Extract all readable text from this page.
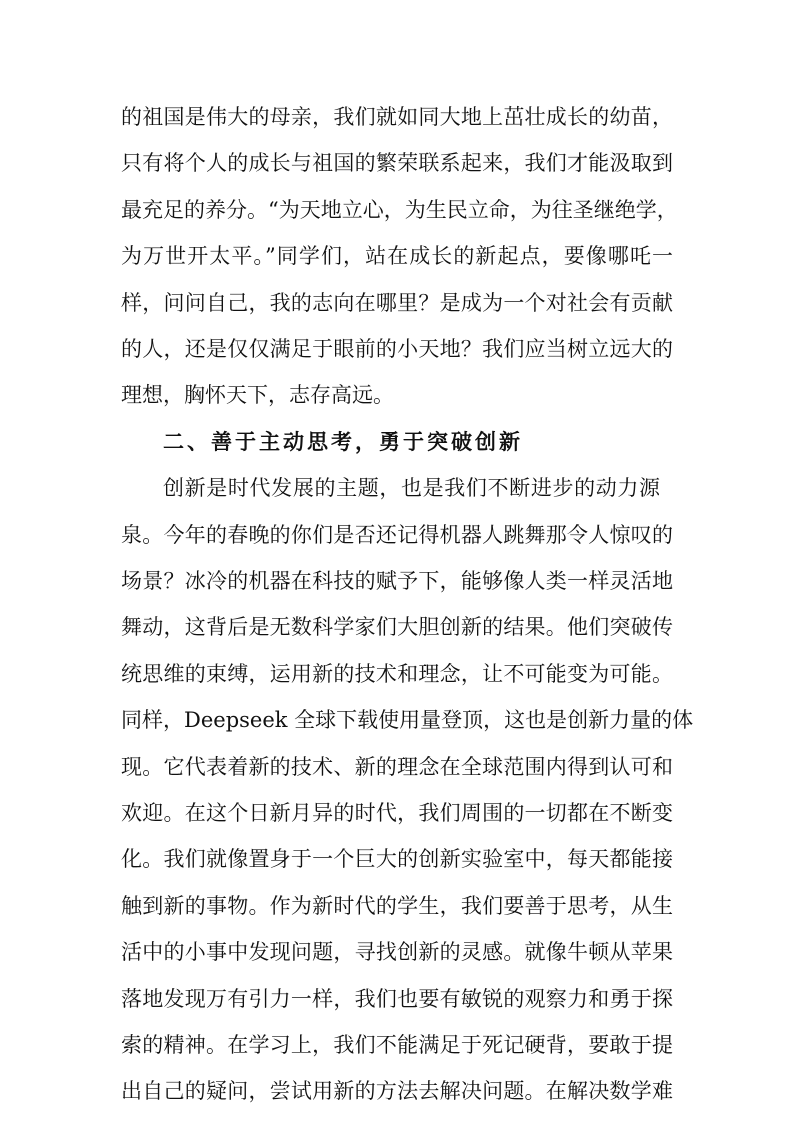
的祖国是伟大的母亲，我们就如同大地上茁壮成长的幼苗，
只有将个人的成长与祖国的繁荣联系起来，我们才能汲取到
最充足的养分。“为天地立心，为生民立命，为往圣继绝学，
为万世开太平。”同学们，站在成长的新起点，要像哪吒一
样，问问自己，我的志向在哪里？是成为一个对社会有贡献
的人，还是仅仅满足于眼前的小天地？我们应当树立远大的
理想，胸怀天下，志存高远。
二、善于主动思考，勇于突破创新
创新是时代发展的主题，也是我们不断进步的动力源
泉。今年的春晚的你们是否还记得机器人跳舞那令人惊叹的
场景？冰冷的机器在科技的赋予下，能够像人类一样灵活地
舞动，这背后是无数科学家们大胆创新的结果。他们突破传
统思维的束缚，运用新的技术和理念，让不可能变为可能。
同样，Deepseek 全球下载使用量登顶，这也是创新力量的体
现。它代表着新的技术、新的理念在全球范围内得到认可和
欢迎。在这个日新月异的时代，我们周围的一切都在不断变
化。我们就像置身于一个巨大的创新实验室中，每天都能接
触到新的事物。作为新时代的学生，我们要善于思考，从生
活中的小事中发现问题，寻找创新的灵感。就像牛顿从苹果
落地发现万有引力一样，我们也要有敏锐的观察力和勇于探
索的精神。在学习上，我们不能满足于死记硬背，要敢于提
出自己的疑问，尝试用新的方法去解决问题。在解决数学难
